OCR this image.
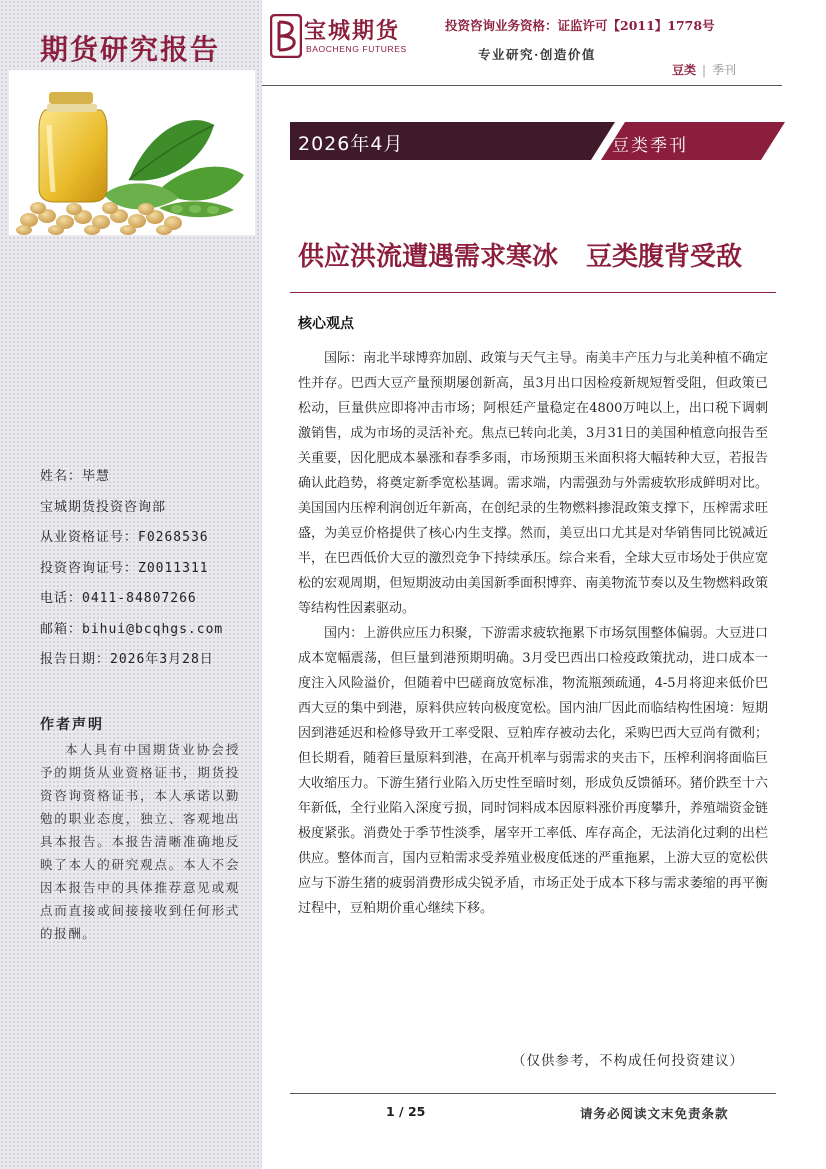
期货研究报告
姓名：毕慧
宝城期货投资咨询部
从业资格证号：F0268536
投资咨询证号：Z0011311
电话：0411-84807266
邮箱：bihui@bcqhgs.com
报告日期：2026年3月28日
作者声明
本人具有中国期货业协会授予的期货从业资格证书，期货投资咨询资格证书，本人承诺以勤勉的职业态度，独立、客观地出具本报告。本报告清晰准确地反映了本人的研究观点。本人不会因本报告中的具体推荐意见或观点而直接或间接接收到任何形式的报酬。
宝城期货
BAOCHENG FUTURES
投资咨询业务资格：证监许可【2011】1778号
专业研究·创造价值
豆类 | 季刊
2026年4月	豆类季刊
供应洪流遭遇需求寒冰 豆类腹背受敌
核心观点

国际：南北半球博弈加剧、政策与天气主导。南美丰产压力与北美种植不确定性并存。巴西大豆产量预期屡创新高，虽3月出口因检疫新规短暂受阻，但政策已松动，巨量供应即将冲击市场；阿根廷产量稳定在4800万吨以上，出口税下调刺激销售，成为市场的灵活补充。焦点已转向北美，3月31日的美国种植意向报告至关重要，因化肥成本暴涨和春季多雨，市场预期玉米面积将大幅转种大豆，若报告确认此趋势，将奠定新季宽松基调。需求端，内需强劲与外需疲软形成鲜明对比。美国国内压榨利润创近年新高，在创纪录的生物燃料掺混政策支撑下，压榨需求旺盛，为美豆价格提供了核心内生支撑。然而，美豆出口尤其是对华销售同比锐减近半，在巴西低价大豆的激烈竞争下持续承压。综合来看，全球大豆市场处于供应宽松的宏观周期，但短期波动由美国新季面积博弈、南美物流节奏以及生物燃料政策等结构性因素驱动。

国内：上游供应压力积聚，下游需求疲软拖累下市场氛围整体偏弱。大豆进口成本宽幅震荡，但巨量到港预期明确。3月受巴西出口检疫政策扰动，进口成本一度注入风险溢价，但随着中巴磋商放宽标准，物流瓶颈疏通，4-5月将迎来低价巴西大豆的集中到港，原料供应转向极度宽松。国内油厂因此而临结构性困境：短期因到港延迟和检修导致开工率受限、豆粕库存被动去化，采购巴西大豆尚有微利；但长期看，随着巨量原料到港，在高开机率与弱需求的夹击下，压榨利润将面临巨大收缩压力。下游生猪行业陷入历史性至暗时刻，形成负反馈循环。猪价跌至十六年新低，全行业陷入深度亏损，同时饲料成本因原料涨价再度攀升，养殖端资金链极度紧张。消费处于季节性淡季，屠宰开工率低、库存高企，无法消化过剩的出栏供应。整体而言，国内豆粕需求受养殖业极度低迷的严重拖累，上游大豆的宽松供应与下游生猪的疲弱消费形成尖锐矛盾，市场正处于成本下移与需求萎缩的再平衡过程中，豆粕期价重心继续下移。

（仅供参考，不构成任何投资建议）
1 / 25	请务必阅读文末免责条款
